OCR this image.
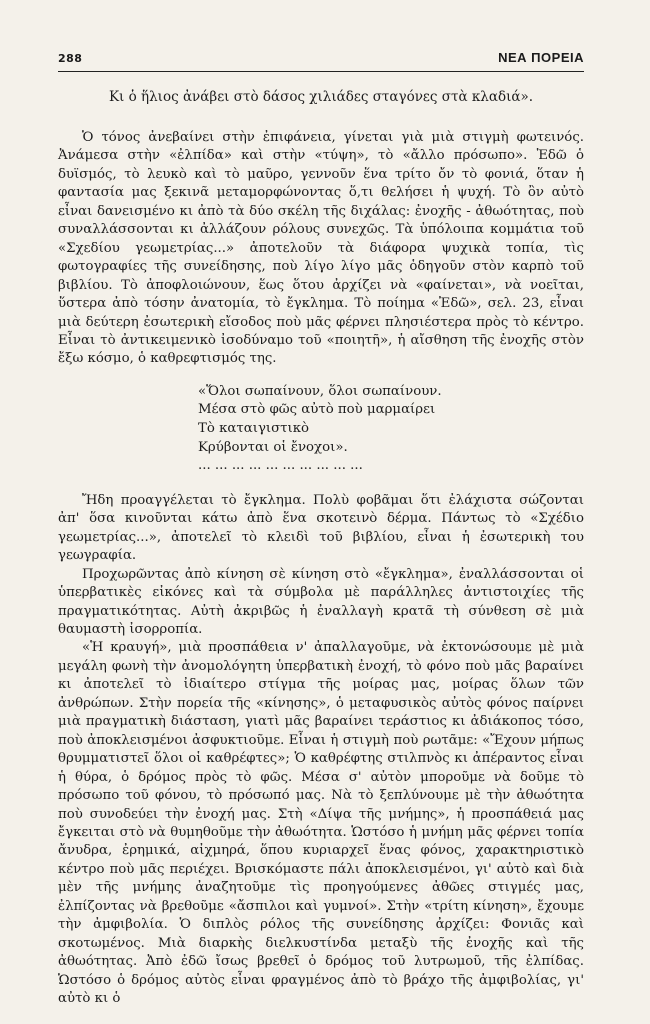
288	ΝΕΑ ΠΟΡΕΙΑ
Κι ὁ ἥλιος ἀνάβει στὸ δάσος χιλιάδες σταγόνες στὰ κλαδιά».

Ὁ τόνος ἀνεβαίνει στὴν ἐπιφάνεια, γίνεται γιὰ μιὰ στιγμὴ φωτεινός. Ἀνάμεσα στὴν «ἐλπίδα» καὶ στὴν «τύψη», τὸ «ἄλλο πρόσωπο». Ἐδῶ ὁ δυϊσμός, τὸ λευκὸ καὶ τὸ μαῦρο, γεννοῦν ἕνα τρίτο ὄν τὸ φονιά, ὅταν ἡ φαντασία μας ξεκινᾶ μεταμορφώνοντας ὅ,τι θελήσει ἡ ψυχή. Τὸ ὂν αὐτὸ εἶναι δανεισμένο κι ἀπὸ τὰ δύο σκέλη τῆς διχάλας: ἐνοχῆς - ἀθωότητας, ποὺ συναλλάσσονται κι ἀλλάζουν ρόλους συνεχῶς. Τὰ ὑπόλοιπα κομμάτια τοῦ «Σχεδίου γεωμετρίας...» ἀποτελοῦν τὰ διάφορα ψυχικὰ τοπία, τὶς φωτογραφίες τῆς συνείδησης, ποὺ λίγο λίγο μᾶς ὁδηγοῦν στὸν καρπὸ τοῦ βιβλίου. Τὸ ἀποφλοιώνουν, ἕως ὅτου ἀρχίζει νὰ «φαίνεται», νὰ νοεῖται, ὕστερα ἀπὸ τόσην ἀνατομία, τὸ ἔγκλημα. Τὸ ποίημα «Ἐδῶ», σελ. 23, εἶναι μιὰ δεύτερη ἐσωτερικὴ εἴσοδος ποὺ μᾶς φέρνει πλησιέστερα πρὸς τὸ κέντρο. Εἶναι τὸ ἀντικειμενικὸ ἰσοδύναμο τοῦ «ποιητῆ», ἡ αἴσθηση τῆς ἐνοχῆς στὸν ἔξω κόσμο, ὁ καθρεφτισμός της.

«Ὅλοι σωπαίνουν, ὅλοι σωπαίνουν.
Μέσα στὸ φῶς αὐτὸ ποὺ μαρμαίρει
Τὸ καταιγιστικὸ
Κρύβονται οἱ ἔνοχοι».
... ... ... ... ... ... ... ... ... ...

Ἤδη προαγγέλεται τὸ ἔγκλημα. Πολὺ φοβᾶμαι ὅτι ἐλάχιστα σώζονται ἀπ' ὅσα κινοῦνται κάτω ἀπὸ ἕνα σκοτεινὸ δέρμα. Πάντως τὸ «Σχέδιο γεωμετρίας...», ἀποτελεῖ τὸ κλειδὶ τοῦ βιβλίου, εἶναι ἡ ἐσωτερικὴ του γεωγραφία.

Προχωρῶντας ἀπὸ κίνηση σὲ κίνηση στὸ «ἔγκλημα», ἐναλλάσσονται οἱ ὑπερβατικὲς εἰκόνες καὶ τὰ σύμβολα μὲ παράλληλες ἀντιστοιχίες τῆς πραγματικότητας. Αὐτὴ ἀκριβῶς ἡ ἐναλλαγὴ κρατᾶ τὴ σύνθεση σὲ μιὰ θαυμαστὴ ἰσορροπία.

«Ἡ κραυγή», μιὰ προσπάθεια ν' ἀπαλλαγοῦμε, νὰ ἐκτονώσουμε μὲ μιὰ μεγάλη φωνὴ τὴν ἀνομολόγητη ὑπερβατικὴ ἐνοχή, τὸ φόνο ποὺ μᾶς βαραίνει κι ἀποτελεῖ τὸ ἰδιαίτερο στίγμα τῆς μοίρας μας, μοίρας ὅλων τῶν ἀνθρώπων. Στὴν πορεία τῆς «κίνησης», ὁ μεταφυσικὸς αὐτὸς φόνος παίρνει μιὰ πραγματικὴ διάσταση, γιατὶ μᾶς βαραίνει τεράστιος κι ἀδιάκοπος τόσο, ποὺ ἀποκλεισμένοι ἀσφυκτιοῦμε. Εἶναι ἡ στιγμὴ ποὺ ρωτᾶμε: «Ἔχουν μήπως θρυμματιστεῖ ὅλοι οἱ καθρέφτες»; Ὁ καθρέφτης στιλπνὸς κι ἀπέραντος εἶναι ἡ θύρα, ὁ δρόμος πρὸς τὸ φῶς. Μέσα σ' αὐτὸν μποροῦμε νὰ δοῦμε τὸ πρόσωπο τοῦ φόνου, τὸ πρόσωπό μας. Νὰ τὸ ξεπλύνουμε μὲ τὴν ἀθωότητα ποὺ συνοδεύει τὴν ἐνοχή μας. Στὴ «Δίψα τῆς μνήμης», ἡ προσπάθειά μας ἔγκειται στὸ νὰ θυμηθοῦμε τὴν ἀθωότητα. Ὡστόσο ἡ μνήμη μᾶς φέρνει τοπία ἄνυδρα, ἐρημικά, αἰχμηρά, ὅπου κυριαρχεῖ ἕνας φόνος, χαρακτηριστικὸ κέντρο ποὺ μᾶς περιέχει. Βρισκόμαστε πάλι ἀποκλεισμένοι, γι' αὐτὸ καὶ διὰ μὲν τῆς μνήμης ἀναζητοῦμε τὶς προηγούμενες ἀθῶες στιγμές μας, ἐλπίζοντας νὰ βρεθοῦμε «ἄσπιλοι καὶ γυμνοί». Στὴν «τρίτη κίνηση», ἔχουμε τὴν ἀμφιβολία. Ὁ διπλὸς ρόλος τῆς συνείδησης ἀρχίζει: Φονιᾶς καὶ σκοτωμένος. Μιὰ διαρκὴς διελκυστίνδα μεταξὺ τῆς ἐνοχῆς καὶ τῆς ἀθωότητας. Ἀπὸ ἐδῶ ἴσως βρεθεῖ ὁ δρόμος τοῦ λυτρωμοῦ, τῆς ἐλπίδας. Ὡστόσο ὁ δρόμος αὐτὸς εἶναι φραγμένος ἀπὸ τὸ βράχο τῆς ἀμφιβολίας, γι' αὐτὸ κι ὁ
